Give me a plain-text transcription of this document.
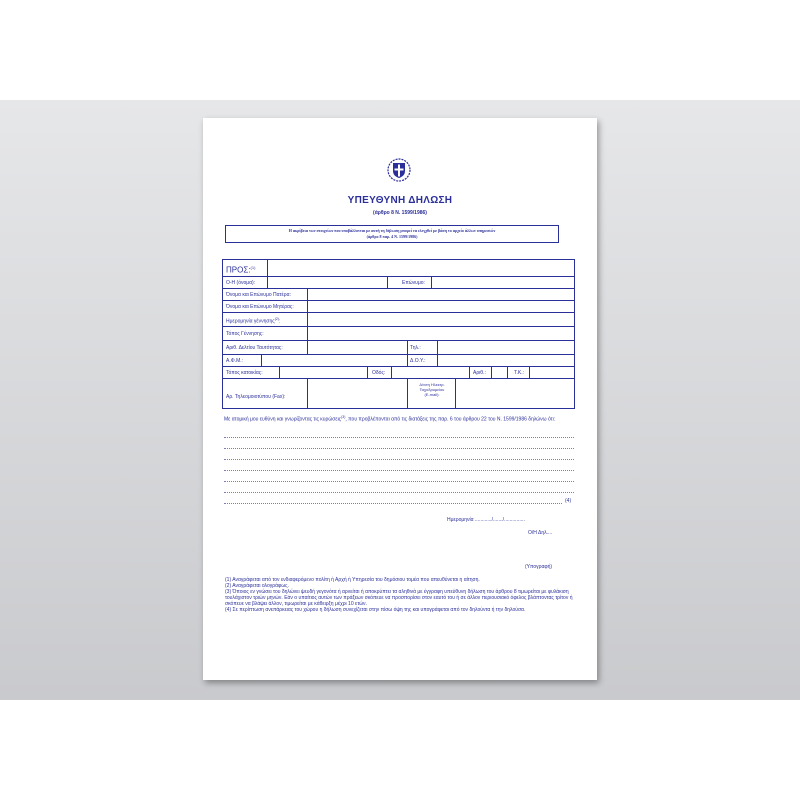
ΥΠΕΥΘΥΝΗ ΔΗΛΩΣΗ
(άρθρο 8 Ν. 1599/1986)
Η ακρίβεια των στοιχείων που υποβάλλονται με αυτή τη δήλωση μπορεί να ελεγχθεί με βάση το αρχείο άλλων υπηρεσιών
(άρθρο 8 παρ. 4 Ν. 1599/1986)
ΠΡΟΣ:$^{(1)}$
Ο-Η (όνομα):	Επώνυμο:
Όνομα και Επώνυμο Πατέρα:
Όνομα και Επώνυμο Μητέρας:
Ημερομηνία γέννησης$^{(2)}$:
Τόπος Γέννησης:
Αριθ. Δελτίου Ταυτότητας:	Τηλ.:
Α.Φ.Μ.:	Δ.Ο.Υ.:
Τόπος κατοικίας:	Οδός:	Αριθ.:	Τ.Κ.:
Αρ. Τηλεομοιοτύπου (Fax):
Δ/νση Ηλεκτρ.
Ταχυδρομείου
(E-mail):
Με ατομική μου ευθύνη και γνωρίζοντας τις κυρώσεις$^{(3)}$, που προβλέπονται από τις διατάξεις της παρ. 6 του άρθρου 22 του Ν. 1599/1986 δηλώνω ότι:
(4)
Ημερομηνία ............/......./...............
Ο/Η Δηλ....
(Υπογραφή)

(1) Αναγράφεται από τον ενδιαφερόμενο πολίτη ή Αρχή ή Υπηρεσία του δημόσιου τομέα που απευθύνεται η αίτηση.

(2) Αναγράφεται ολογράφως.

(3) Όποιος εν γνώσει του δηλώνει ψευδή γεγονότα ή αρνείται ή αποκρύπτει τα αληθινά με έγγραφη υπεύθυνη δήλωση του άρθρου 8 τιμωρείται με φυλάκιση τουλάχιστον τριών μηνών. Εάν ο υπαίτιος αυτών των πράξεων σκόπευε να προσπορίσει στον εαυτό του ή σε άλλον περιουσιακό όφελος βλάπτοντας τρίτον ή σκόπευε να βλάψει άλλον, τιμωρείται με κάθειρξη μέχρι 10 ετών.

(4) Σε περίπτωση ανεπάρκειας του χώρου η δήλωση συνεχίζεται στην πίσω όψη της και υπογράφεται από τον δηλούντα ή την δηλούσα.
